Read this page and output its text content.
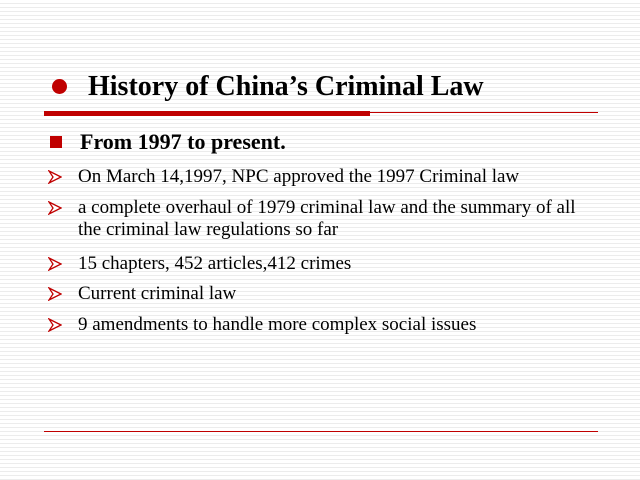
History of China’s Criminal Law
From 1997 to present.
On March 14,1997, NPC approved the 1997 Criminal law
a complete overhaul of 1979 criminal law and the summary of all the criminal law regulations so far
15 chapters, 452 articles,412 crimes
Current criminal law
9 amendments to handle more complex social issues
